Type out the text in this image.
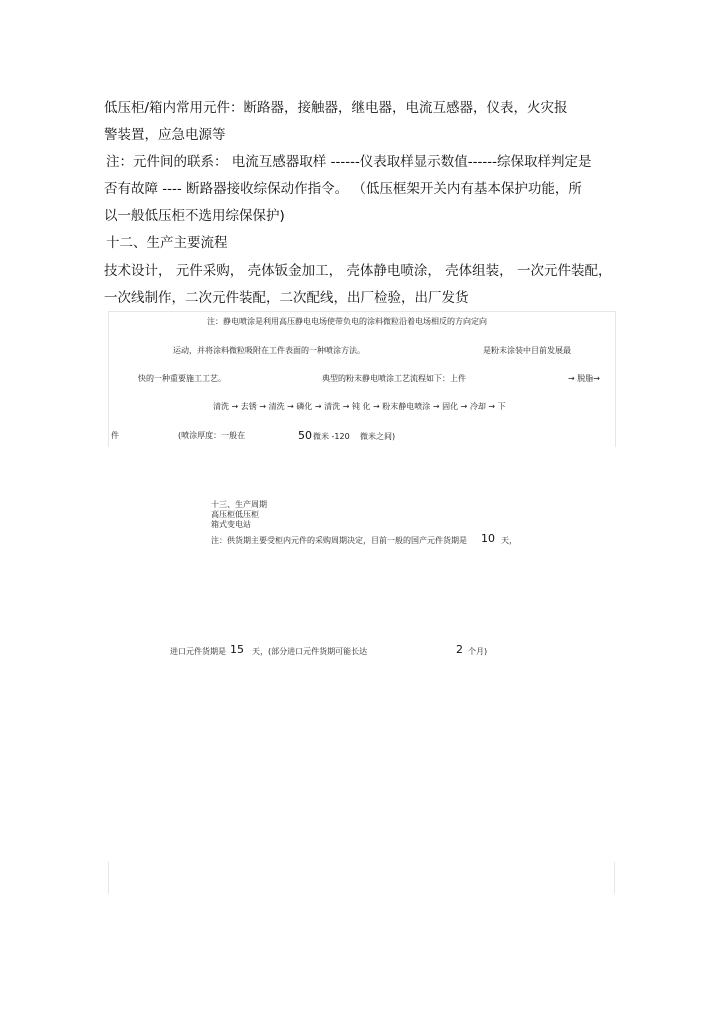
低压柜/箱内常用元件：断路器，接触器，继电器，电流互感器，仪表，火灾报
警装置，应急电源等
注：元件间的联系： 电流互感器取样 ------仪表取样显示数值------综保取样判定是
否有故障 ---- 断路器接收综保动作指令。 （低压框架开关内有基本保护功能，所
以一般低压柜不选用综保保护)
十二、生产主要流程
技术设计， 元件采购， 壳体钣金加工， 壳体静电喷涂， 壳体组装， 一次元件装配，
一次线制作，二次元件装配，二次配线，出厂检验，出厂发货
注：静电喷涂是利用高压静电电场使带负电的涂料微粒沿着电场相反的方向定向
运动，并将涂料微粒吸附在工件表面的一种喷涂方法。	是粉末涂装中目前发展最
快的一种重要施工工艺。	典型的粉末静电喷涂工艺流程如下：上件	→ 脱脂→
清洗 → 去锈 → 清洗 → 磷化 → 清洗 → 钝 化 → 粉末静电喷涂 → 固化 → 冷却 → 下
件	(喷涂厚度：一般在	50 微米 -120 微米之间)
十三、生产周期
高压柜低压柜
箱式变电站
注：供货期主要受柜内元件的采购周期决定，目前一般的国产元件货期是 10 天，
进口元件货期是 15 天，(部分进口元件货期可能长达	2 个月)
